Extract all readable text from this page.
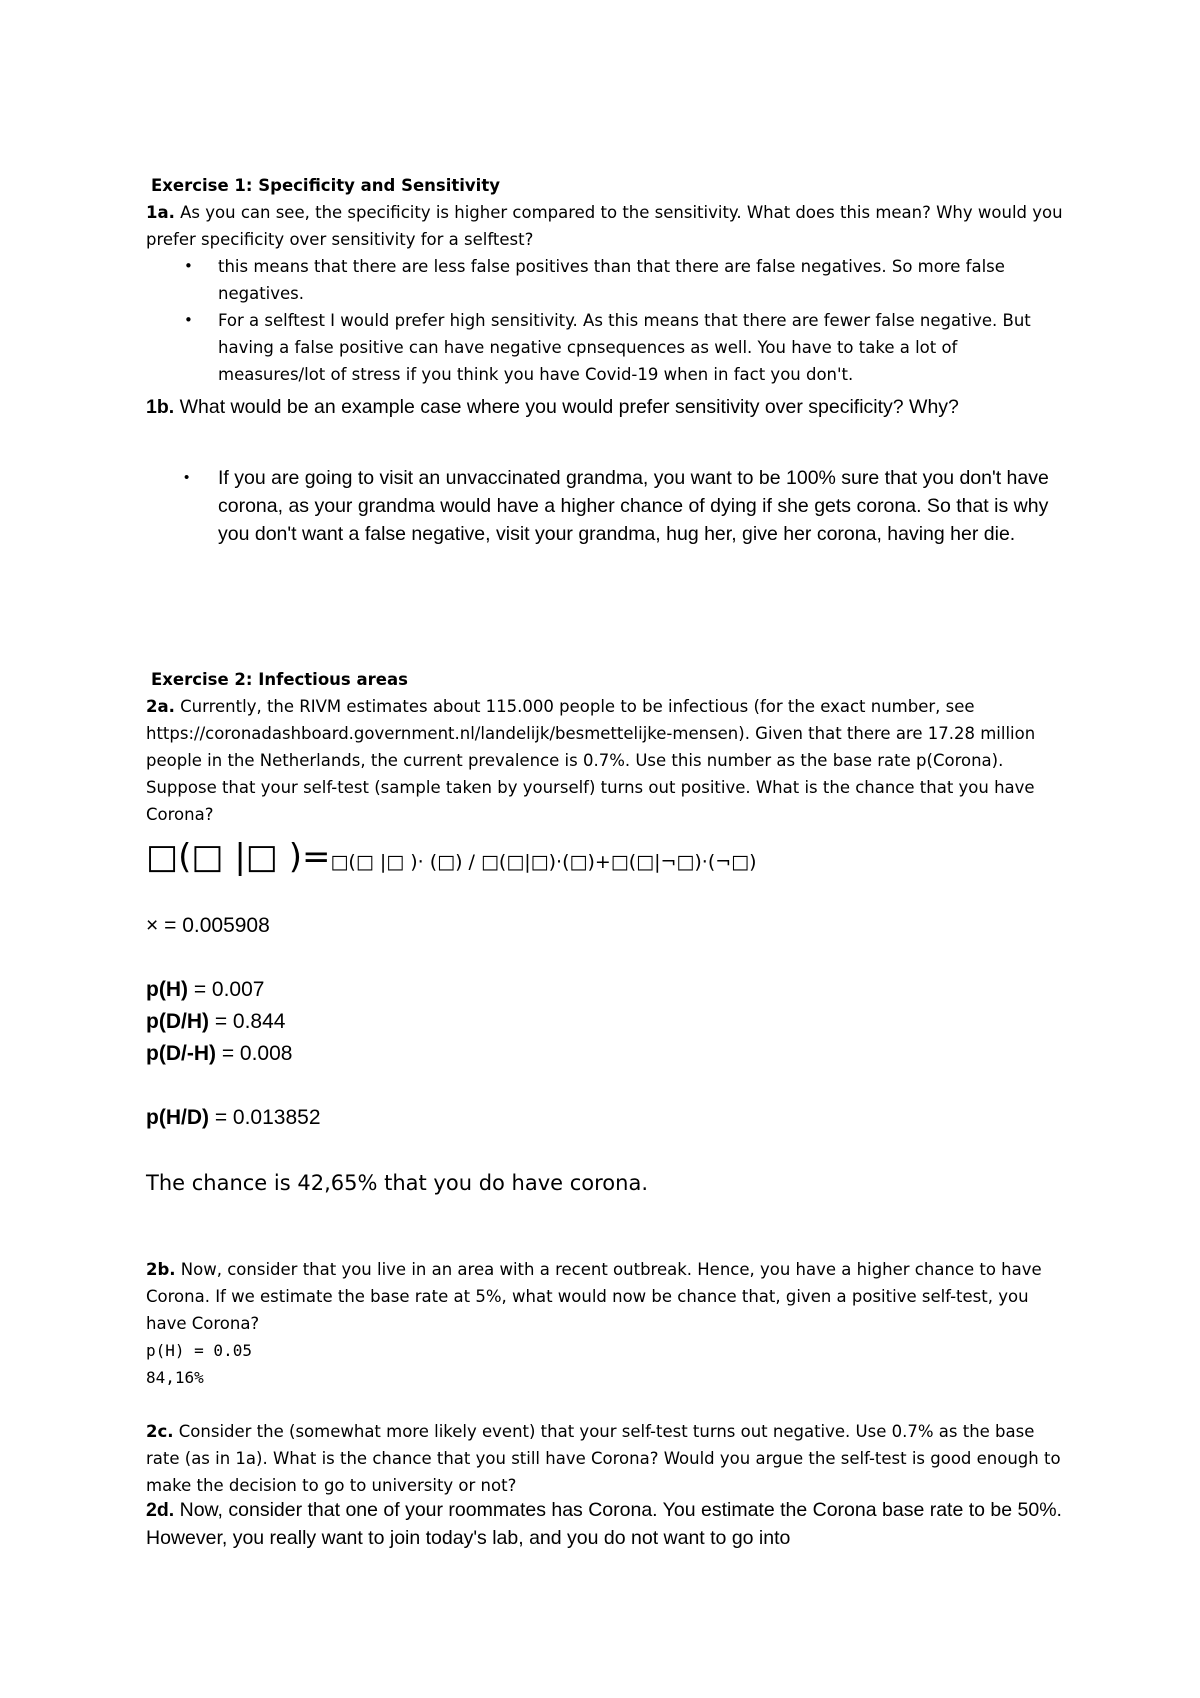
Exercise 1: Specificity and Sensitivity

1a. As you can see, the specificity is higher compared to the sensitivity. What does this mean? Why would you prefer specificity over sensitivity for a selftest?

• this means that there are less false positives than that there are false negatives. So more false negatives.
• For a selftest I would prefer high sensitivity. As this means that there are fewer false negative. But having a false positive can have negative cpnsequences as well. You have to take a lot of measures/lot of stress if you think you have Covid-19 when in fact you don't.

1b. What would be an example case where you would prefer sensitivity over specificity? Why?

• If you are going to visit an unvaccinated grandma, you want to be 100% sure that you don't have corona, as your grandma would have a higher chance of dying if she gets corona. So that is why you don't want a false negative, visit your grandma, hug her, give her corona, having her die.

Exercise 2: Infectious areas

2a. Currently, the RIVM estimates about 115.000 people to be infectious (for the exact number, see https://coronadashboard.government.nl/landelijk/besmettelijke-mensen). Given that there are 17.28 million people in the Netherlands, the current prevalence is 0.7%. Use this number as the base rate p(Corona). Suppose that your self-test (sample taken by yourself) turns out positive. What is the chance that you have Corona?

□(□ |□ )=□(□ |□ )· (□) / □(□|□)·(□)+□(□|¬□)·(¬□)
× = 0.005908

p(H) = 0.007

p(D/H) = 0.844

p(D/-H) = 0.008

p(H/D) = 0.013852
The chance is 42,65% that you do have corona.

2b. Now, consider that you live in an area with a recent outbreak. Hence, you have a higher chance to have Corona. If we estimate the base rate at 5%, what would now be chance that, given a positive self-test, you have Corona?

p(H) = 0.05

84,16%

2c. Consider the (somewhat more likely event) that your self-test turns out negative. Use 0.7% as the base rate (as in 1a). What is the chance that you still have Corona? Would you argue the self-test is good enough to make the decision to go to university or not?

2d. Now, consider that one of your roommates has Corona. You estimate the Corona base rate to be 50%. However, you really want to join today's lab, and you do not want to go into
